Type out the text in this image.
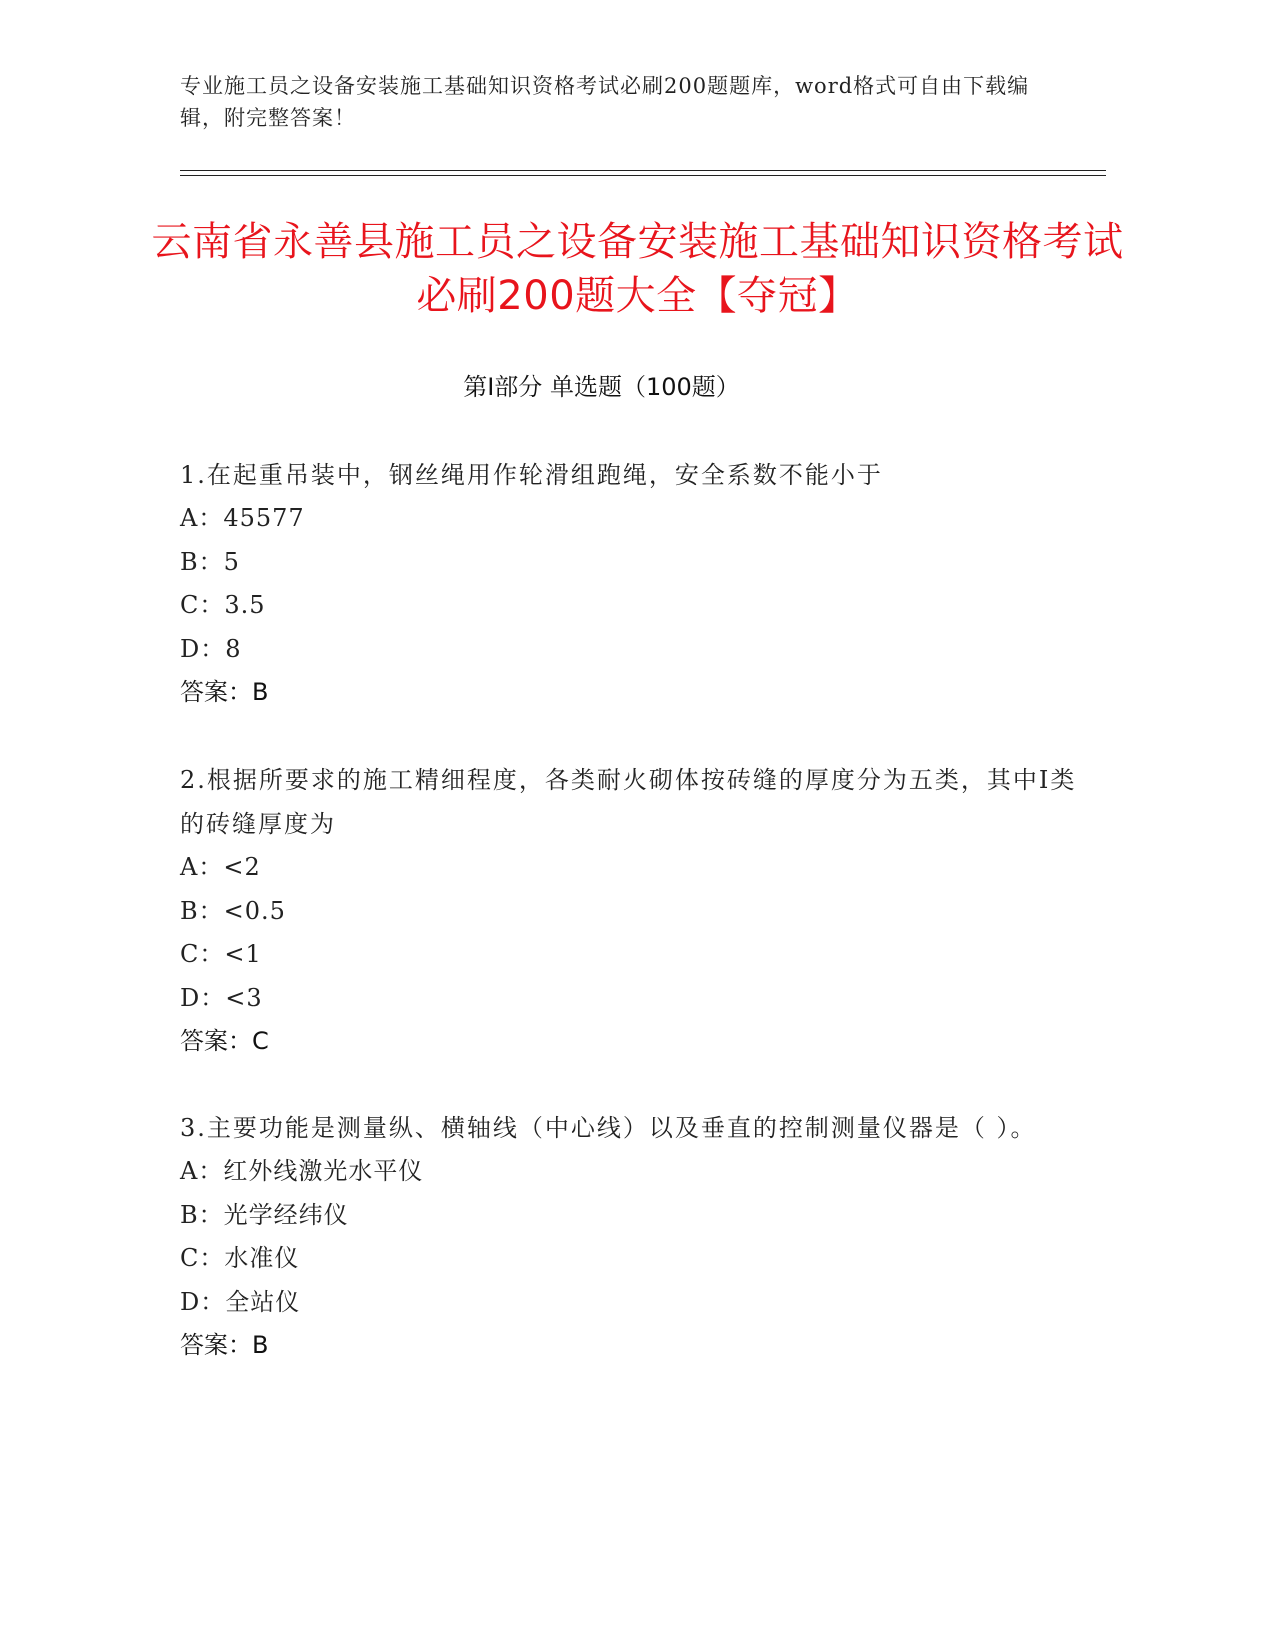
专业施工员之设备安装施工基础知识资格考试必刷200题题库，word格式可自由下载编辑，附完整答案！
云南省永善县施工员之设备安装施工基础知识资格考试必刷200题大全【夺冠】
第Ⅰ部分 单选题（100题）
1.在起重吊装中，钢丝绳用作轮滑组跑绳，安全系数不能小于
A：45577
B：5
C：3.5
D：8
答案：B
2.根据所要求的施工精细程度，各类耐火砌体按砖缝的厚度分为五类，其中Ⅰ类的砖缝厚度为
A：<2
B：<0.5
C：<1
D：<3
答案：C
3.主要功能是测量纵、横轴线（中心线）以及垂直的控制测量仪器是（ ）。
A：红外线激光水平仪
B：光学经纬仪
C：水准仪
D：全站仪
答案：B
